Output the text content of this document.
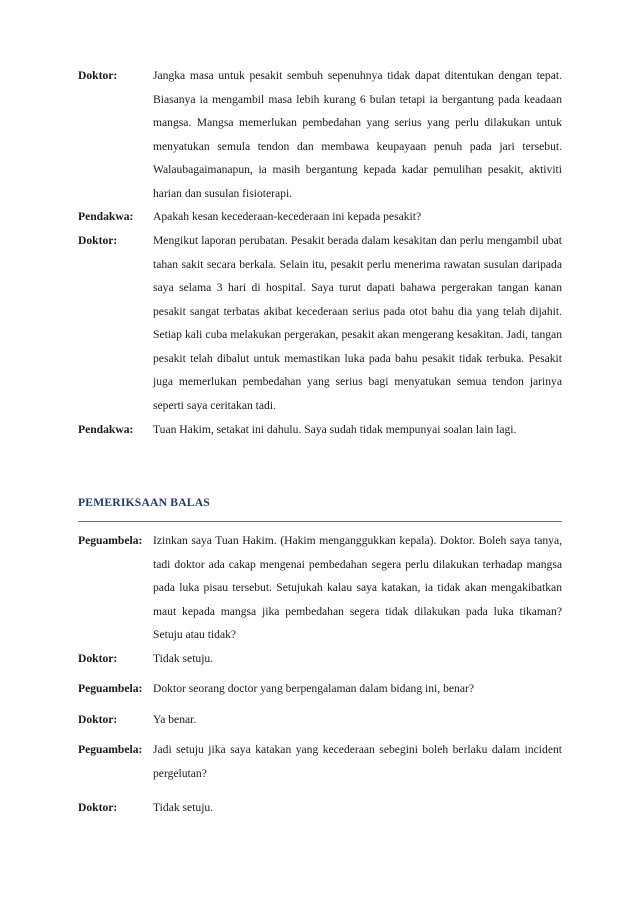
Doktor:	Jangka masa untuk pesakit sembuh sepenuhnya tidak dapat ditentukan dengan tepat. Biasanya ia mengambil masa lebih kurang 6 bulan tetapi ia bergantung pada keadaan mangsa. Mangsa memerlukan pembedahan yang serius yang perlu dilakukan untuk menyatukan semula tendon dan membawa keupayaan penuh pada jari tersebut. Walaubagaimanapun, ia masih bergantung kepada kadar pemulihan pesakit, aktiviti harian dan susulan fisioterapi.
Pendakwa: Apakah kesan kecederaan-kecederaan ini kepada pesakit?
Doktor:	Mengikut laporan perubatan. Pesakit berada dalam kesakitan dan perlu mengambil ubat tahan sakit secara berkala. Selain itu, pesakit perlu menerima rawatan susulan daripada saya selama 3 hari di hospital. Saya turut dapati bahawa pergerakan tangan kanan pesakit sangat terbatas akibat kecederaan serius pada otot bahu dia yang telah dijahit. Setiap kali cuba melakukan pergerakan, pesakit akan mengerang kesakitan. Jadi, tangan pesakit telah dibalut untuk memastikan luka pada bahu pesakit tidak terbuka. Pesakit juga memerlukan pembedahan yang serius bagi menyatukan semua tendon jarinya seperti saya ceritakan tadi.
Pendakwa: Tuan Hakim, setakat ini dahulu. Saya sudah tidak mempunyai soalan lain lagi.
PEMERIKSAAN BALAS
Peguambela: Izinkan saya Tuan Hakim. (Hakim menganggukkan kepala). Doktor. Boleh saya tanya, tadi doktor ada cakap mengenai pembedahan segera perlu dilakukan terhadap mangsa pada luka pisau tersebut. Setujukah kalau saya katakan, ia tidak akan mengakibatkan maut kepada mangsa jika pembedahan segera tidak dilakukan pada luka tikaman? Setuju atau tidak?
Doktor:	Tidak setuju.
Peguambela: Doktor seorang doctor yang berpengalaman dalam bidang ini, benar?
Doktor:	Ya benar.
Peguambela: Jadi setuju jika saya katakan yang kecederaan sebegini boleh berlaku dalam incident pergelutan?
Doktor:	Tidak setuju.
